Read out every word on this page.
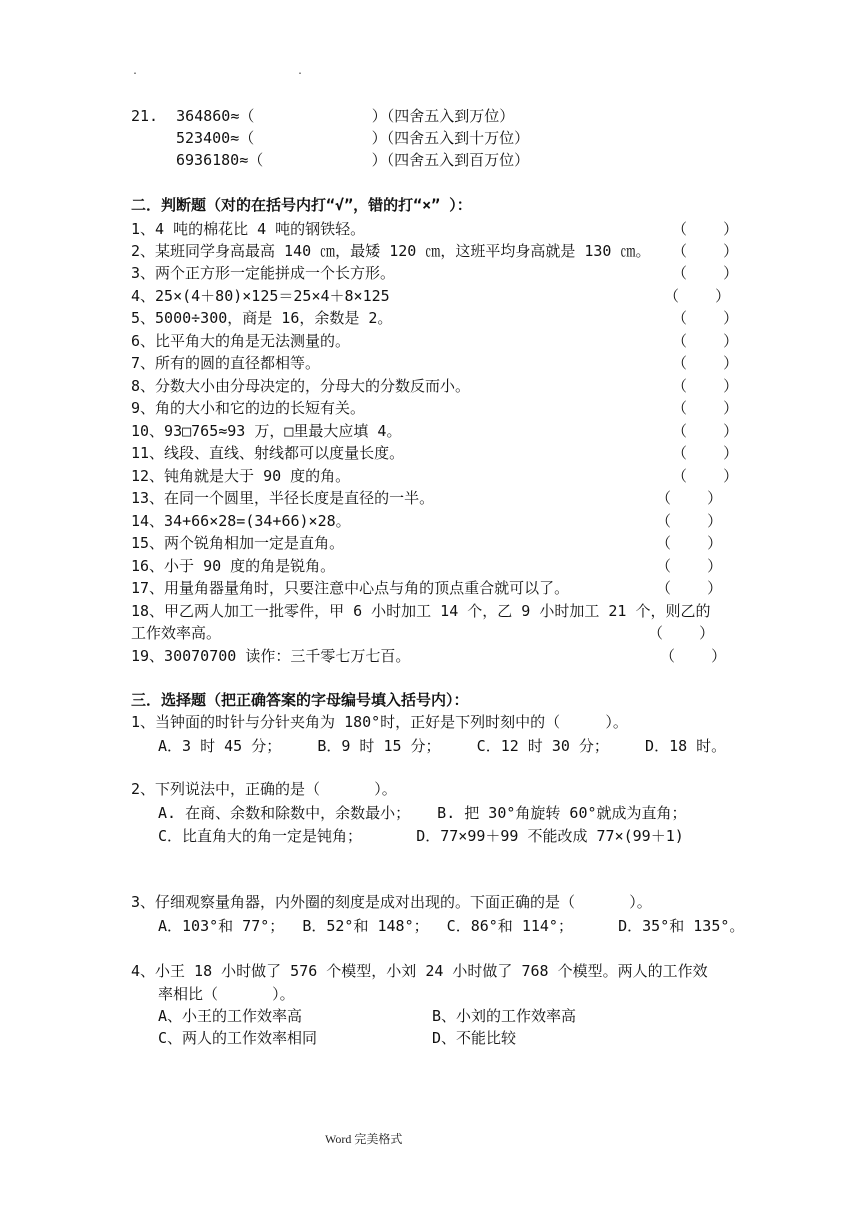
.	.
21.  364860≈（             ）（四舍五入到万位）
523400≈（             ）（四舍五入到十万位）
6936180≈（            ）（四舍五入到百万位）
二．判断题（对的在括号内打“√”，错的打“×” ）：
1、4 吨的棉花比 4 吨的钢铁轻。	（    ）
2、某班同学身高最高 140 ㎝，最矮 120 ㎝，这班平均身高就是 130 ㎝。 （    ）
3、两个正方形一定能拼成一个长方形。	（    ）
4、25×(4＋80)×125＝25×4＋8×125	（    ）
5、5000÷300，商是 16，余数是 2。	（    ）
6、比平角大的角是无法测量的。	（    ）
7、所有的圆的直径都相等。	（    ）
8、分数大小由分母决定的，分母大的分数反而小。	（    ）
9、角的大小和它的边的长短有关。	（    ）
10、93□765≈93 万，□里最大应填 4。	（    ）
11、线段、直线、射线都可以度量长度。	（    ）
12、钝角就是大于 90 度的角。	（    ）
13、在同一个圆里，半径长度是直径的一半。	（    ）
14、34+66×28=(34+66)×28。	（    ）
15、两个锐角相加一定是直角。	（    ）
16、小于 90 度的角是锐角。	（    ）
17、用量角器量角时，只要注意中心点与角的顶点重合就可以了。	（    ）
18、甲乙两人加工一批零件，甲 6 小时加工 14 个，乙 9 小时加工 21 个，则乙的
工作效率高。	（    ）
19、30070700 读作：三千零七万七百。	（    ）
三．选择题（把正确答案的字母编号填入括号内）：
1、当钟面的时针与分针夹角为 180°时，正好是下列时刻中的（     ）。
A．3 时 45 分；    B．9 时 15 分；    C．12 时 30 分；    D．18 时。
2、下列说法中，正确的是（      ）。
A. 在商、余数和除数中，余数最小；   B. 把 30°角旋转 60°就成为直角；
C．比直角大的角一定是钝角；      D．77×99＋99 不能改成 77×(99＋1)
3、仔细观察量角器，内外圈的刻度是成对出现的。下面正确的是（      ）。
A．103°和 77°；  B．52°和 148°；  C．86°和 114°；     D．35°和 135°。
4、小王 18 小时做了 576 个模型，小刘 24 小时做了 768 个模型。两人的工作效
率相比（      ）。
A、小王的工作效率高	B、小刘的工作效率高
C、两人的工作效率相同	D、不能比较
Word 完美格式
